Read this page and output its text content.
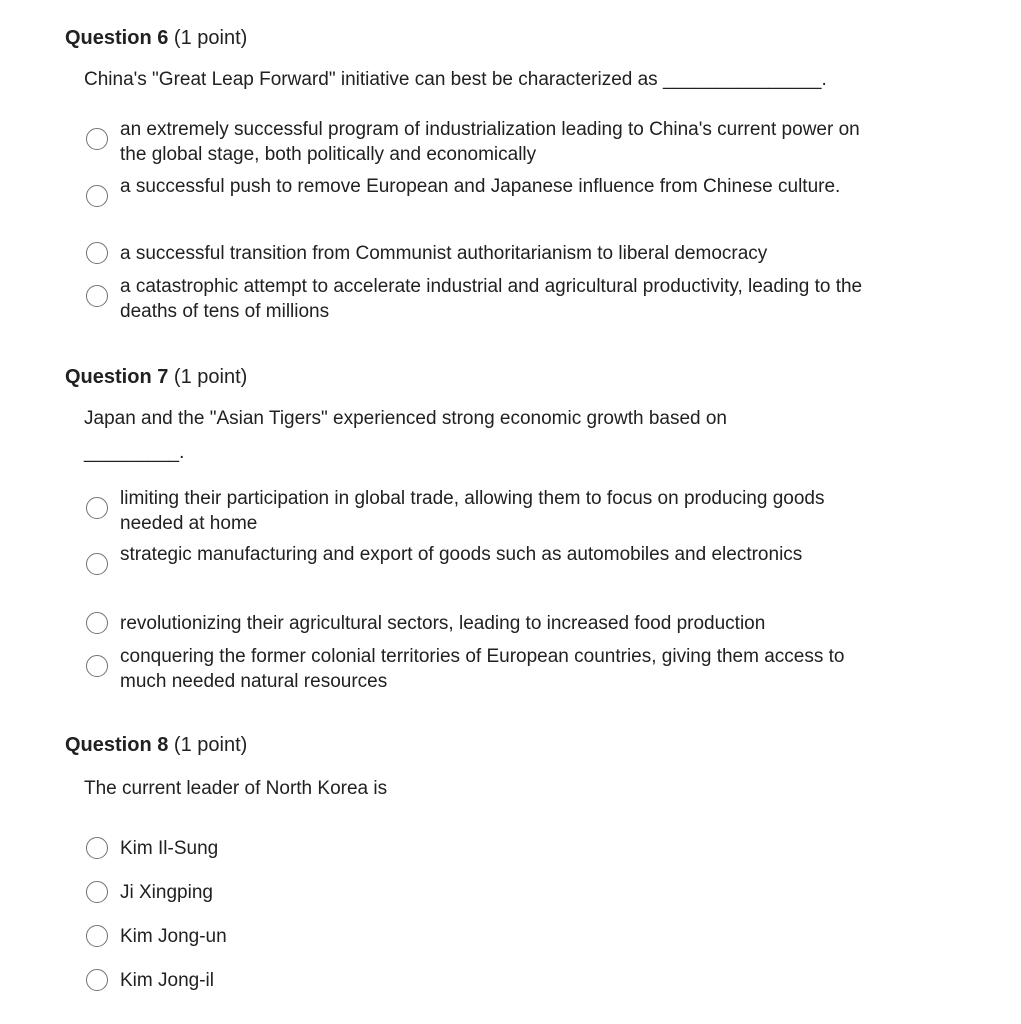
Question 6 (1 point)
China's "Great Leap Forward" initiative can best be characterized as _______________.
an extremely successful program of industrialization leading to China's current power on the global stage, both politically and economically
a successful push to remove European and Japanese influence from Chinese culture.
a successful transition from Communist authoritarianism to liberal democracy
a catastrophic attempt to accelerate industrial and agricultural productivity, leading to the deaths of tens of millions
Question 7 (1 point)
Japan and the "Asian Tigers" experienced strong economic growth based on
_________.
limiting their participation in global trade, allowing them to focus on producing goods needed at home
strategic manufacturing and export of goods such as automobiles and electronics
revolutionizing their agricultural sectors, leading to increased food production
conquering the former colonial territories of European countries, giving them access to much needed natural resources
Question 8 (1 point)
The current leader of North Korea is
Kim Il-Sung
Ji Xingping
Kim Jong-un
Kim Jong-il
